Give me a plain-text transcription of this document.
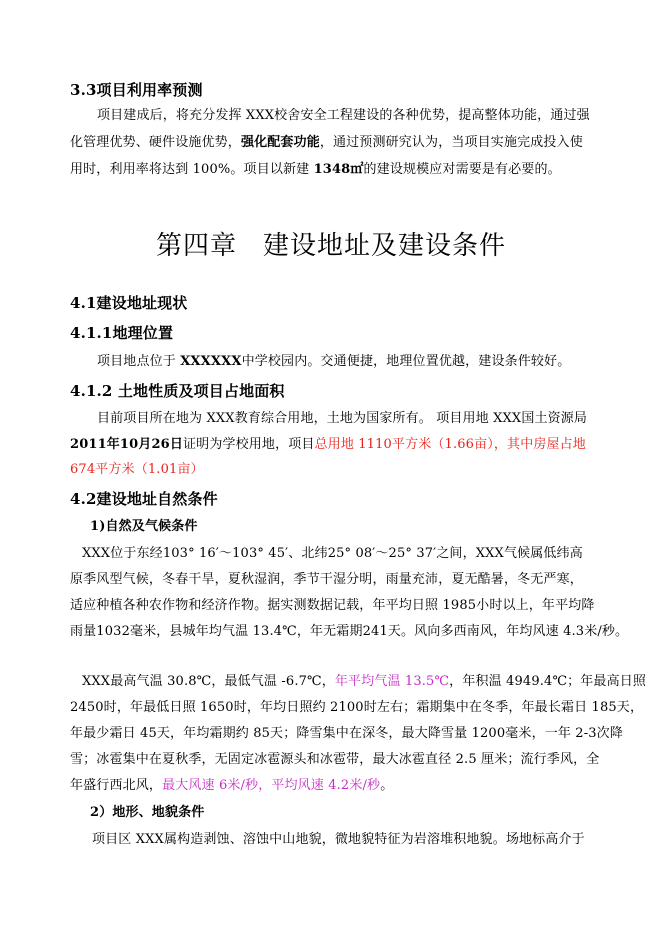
3.3项目利用率预测
项目建成后，将充分发挥 XXX校舍安全工程建设的各种优势，提高整体功能，通过强
化管理优势、硬件设施优势，强化配套功能，通过预测研究认为，当项目实施完成投入使
用时，利用率将达到 100%。项目以新建 1348㎡的建设规模应对需要是有必要的。
第四章 建设地址及建设条件
4.1建设地址现状
4.1.1地理位置
项目地点位于 XXXXXX中学校园内。交通便捷，地理位置优越，建设条件较好。
4.1.2 土地性质及项目占地面积
目前项目所在地为 XXX教育综合用地，土地为国家所有。 项目用地 XXX国土资源局
2011年10月26日证明为学校用地，项目总用地 1110平方米（1.66亩），其中房屋占地
674平方米（1.01亩）
4.2建设地址自然条件
1)自然及气候条件
XXX位于东经103° 16′～103° 45′、北纬25° 08′～25° 37′之间，XXX气候属低纬高
原季风型气候，冬春干旱，夏秋湿润，季节干湿分明，雨量充沛，夏无酷暑，冬无严寒，
适应种植各种农作物和经济作物。据实测数据记载，年平均日照 1985小时以上，年平均降
雨量1032毫米，县城年均气温 13.4℃，年无霜期241天。风向多西南风，年均风速 4.3米/秒。
XXX最高气温 30.8℃，最低气温 -6.7℃，年平均气温 13.5℃，年积温 4949.4℃；年最高日照
2450时，年最低日照 1650时，年均日照约 2100时左右；霜期集中在冬季，年最长霜日 185天，
年最少霜日 45天，年均霜期约 85天；降雪集中在深冬，最大降雪量 1200毫米，一年 2-3次降
雪；冰雹集中在夏秋季，无固定冰雹源头和冰雹带，最大冰雹直径 2.5 厘米；流行季风，全
年盛行西北风，最大风速 6米/秒，平均风速 4.2米/秒。
2）地形、地貌条件
项目区 XXX属构造剥蚀、溶蚀中山地貌，微地貌特征为岩溶堆积地貌。场地标高介于
